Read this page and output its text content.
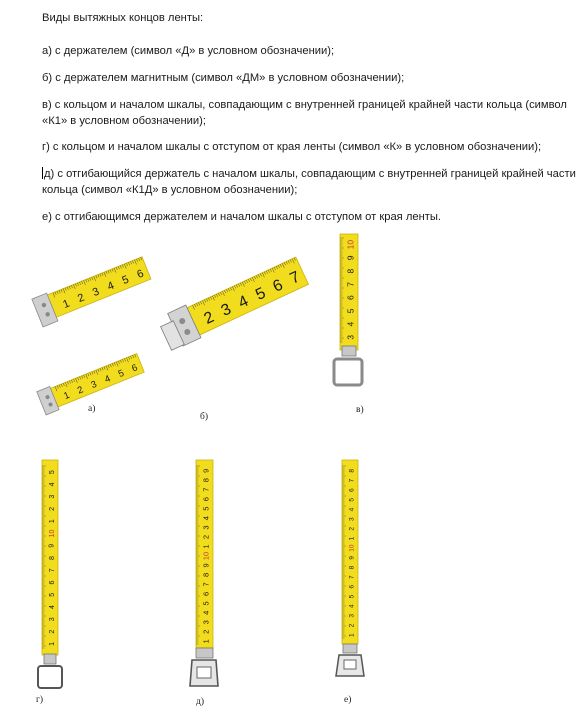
Виды вытяжных концов ленты:

а) с держателем (символ «Д» в условном обозначении);

б) с держателем магнитным (символ «ДМ» в условном обозначении);

в) с кольцом и началом шкалы, совпадающим с внутренней границей крайней части кольца (символ «К1» в условном обозначении);

г) с кольцом и началом шкалы с отступом от края ленты (символ «К» в условном обозначении);

д) с отгибающийся держатель с началом шкалы, совпадающим с внутренней границей крайней части кольца (символ «К1Д» в условном обозначении);

е) с отгибающимся держателем и началом шкалы с отступом от края ленты.

1 2 3 4 5 6
1 2 3 4 5 6
а)
2 3 4 5 6 7
б)
10
9
8
7
6
5
4
3
в)
1
2
3
4
5
6
7
8
9
10
1
2
3
4
5
г)
1
2
3
4
5
6
7
8
9
10
1
2
3
4
5
6
7
8
9
д)
1
2
3
4
5
6
7
8
9
10
1
2
3
4
5
6
7
8
е)
